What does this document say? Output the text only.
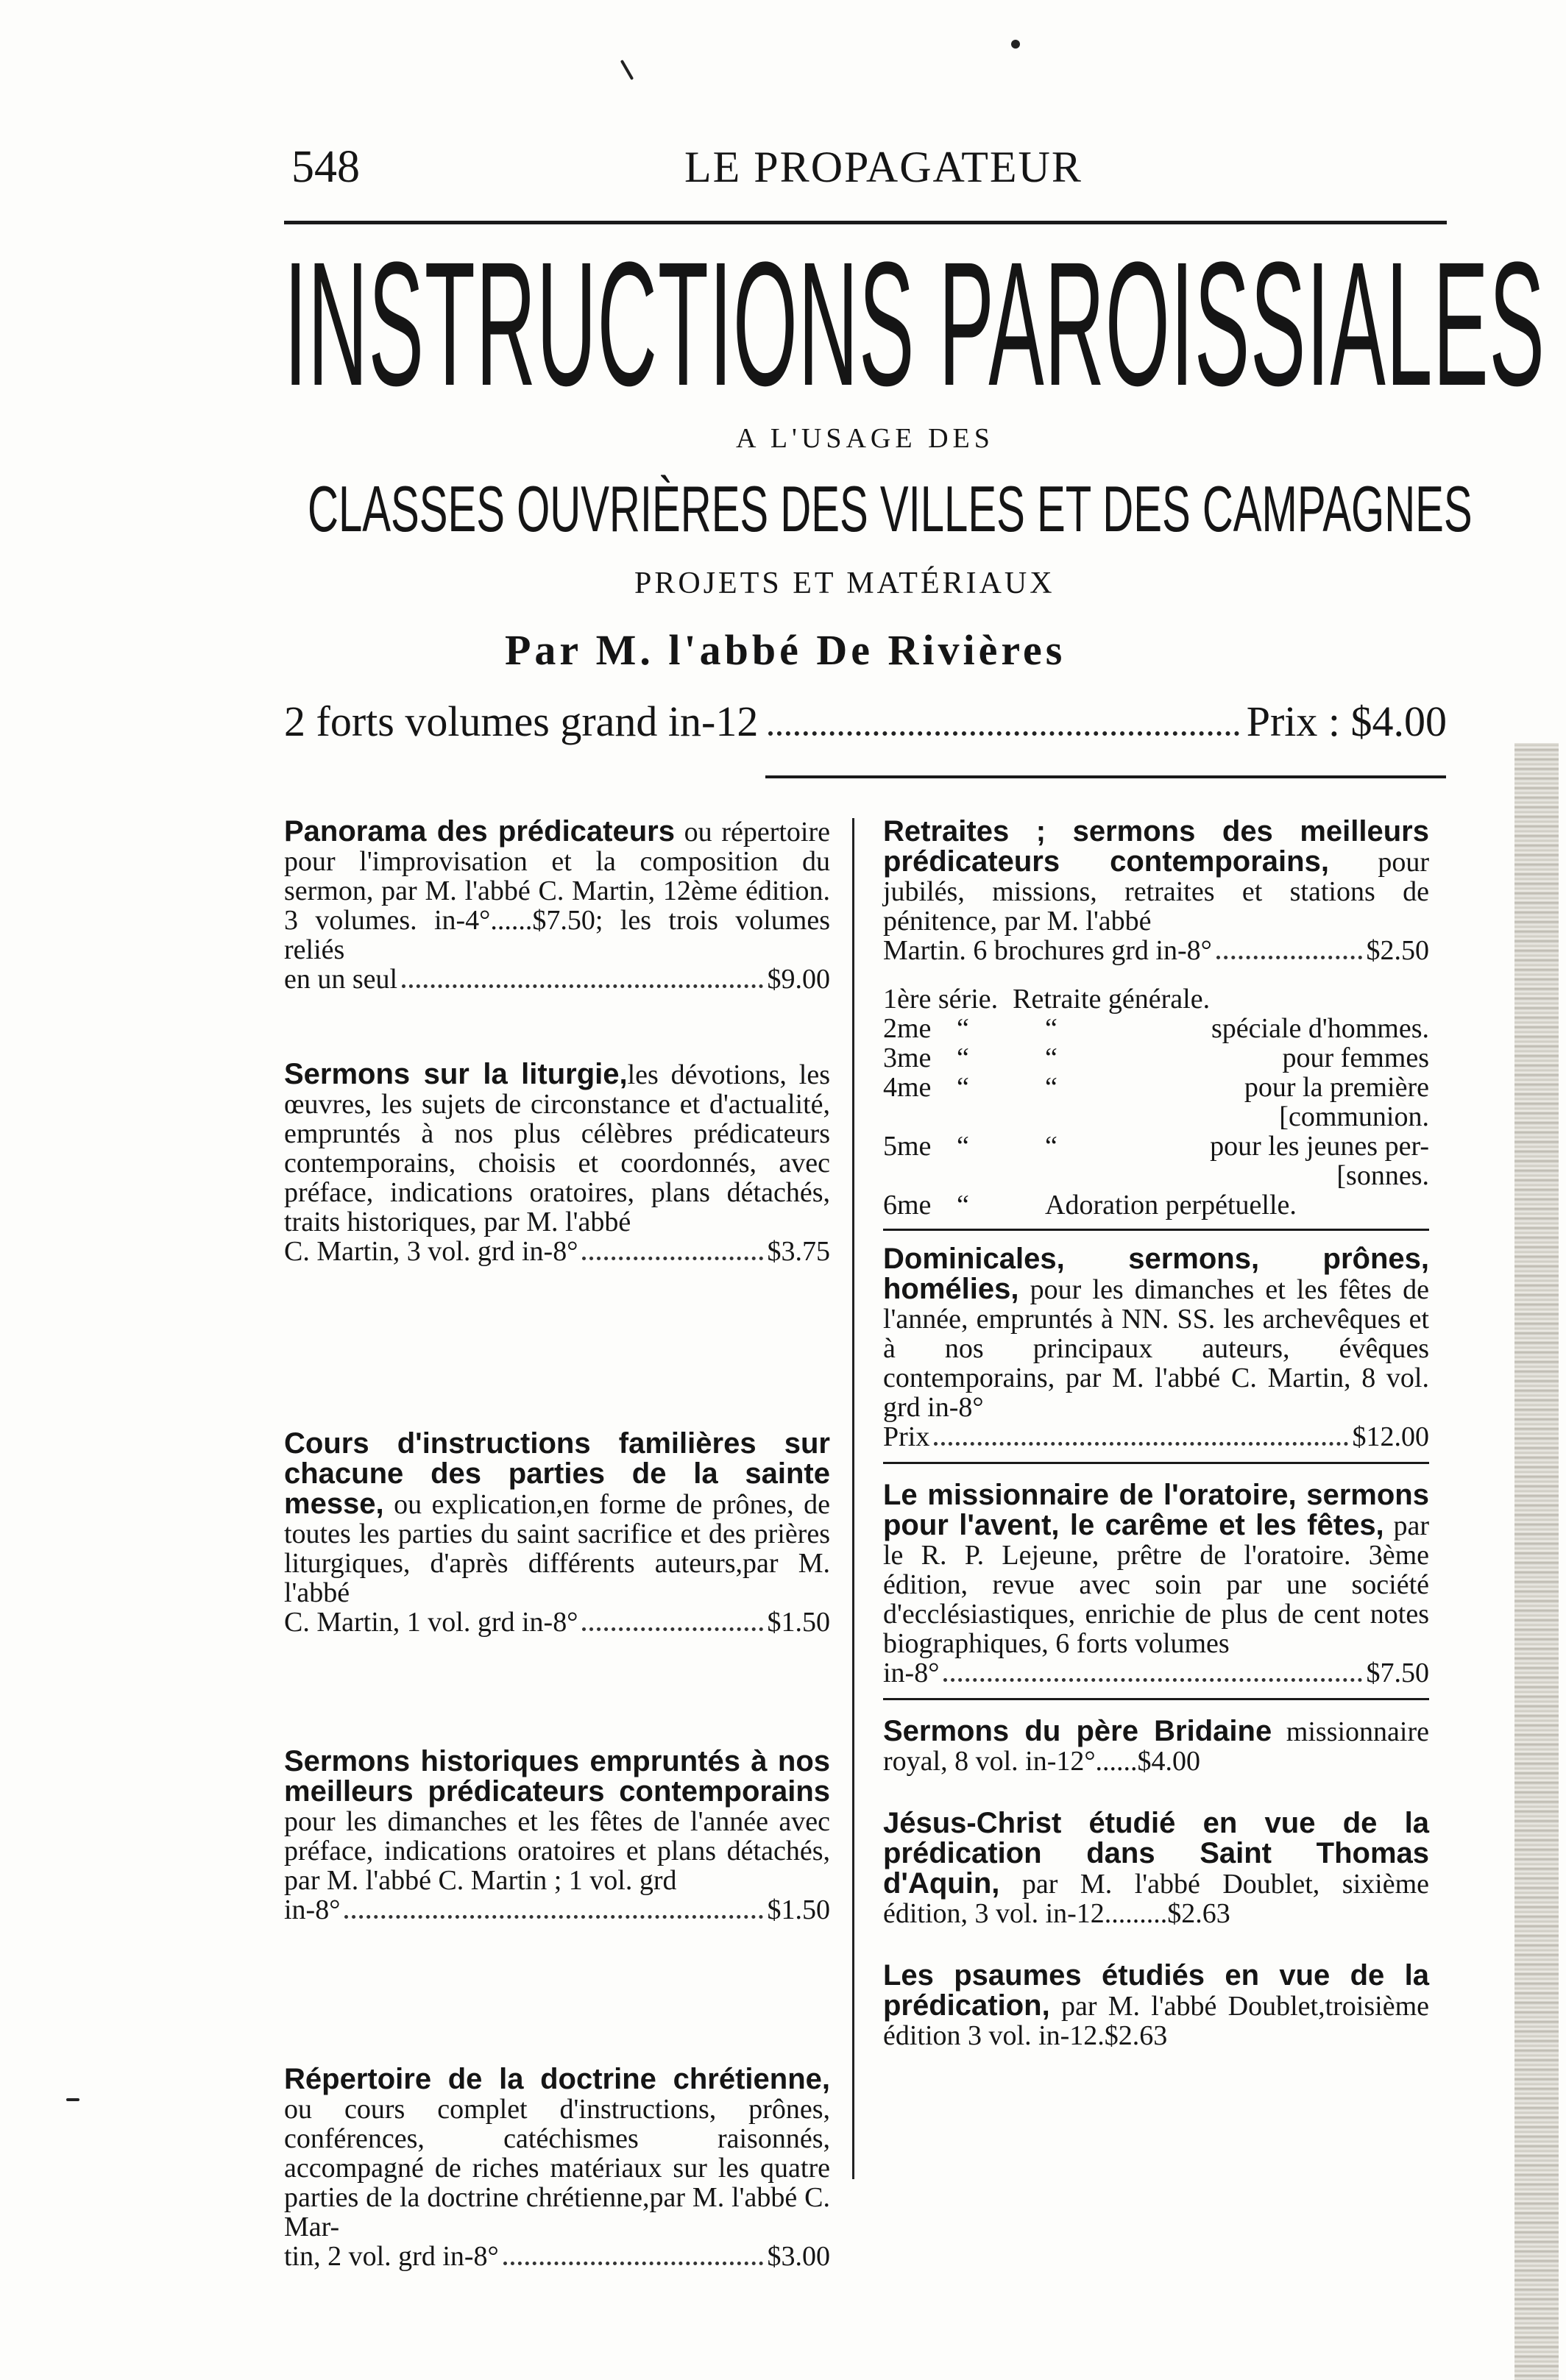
548	LE PROPAGATEUR
INSTRUCTIONS PAROISSIALES
A L'USAGE DES
CLASSES OUVRIÈRES DES VILLES ET DES CAMPAGNES
PROJETS ET MATÉRIAUX
Par M. l'abbé De Rivières
2 forts volumes grand in-12	Prix : $4.00
Panorama des prédicateurs ou répertoire pour l'improvisation et la composition du sermon, par M. l'abbé C. Martin, 12ème édition. 3 volumes. in-4°......$7.50; les trois volumes reliés
en un seul	$9.00
Sermons sur la liturgie,les dévotions, les œuvres, les sujets de circonstance et d'actualité, empruntés à nos plus célèbres prédicateurs contemporains, choisis et coordonnés, avec préface, indications oratoires, plans détachés, traits historiques, par M. l'abbé
C. Martin, 3 vol. grd in-8°	$3.75
Cours d'instructions familières sur chacune des parties de la sainte messe, ou explication,en forme de prônes, de toutes les parties du saint sacrifice et des prières liturgiques, d'après différents auteurs,par M. l'abbé
C. Martin, 1 vol. grd in-8°	$1.50
Sermons historiques empruntés à nos meilleurs prédicateurs contemporains pour les dimanches et les fêtes de l'année avec préface, indications oratoires et plans détachés, par M. l'abbé C. Martin ; 1 vol. grd
in-8°	$1.50
Répertoire de la doctrine chrétienne, ou cours complet d'instructions, prônes, conférences, catéchismes raisonnés, accompagné de riches matériaux sur les quatre parties de la doctrine chrétienne,par M. l'abbé C. Mar-
tin, 2 vol. grd in-8°	$3.00
Retraites ; sermons des meilleurs prédicateurs contemporains, pour jubilés, missions, retraites et stations de pénitence, par M. l'abbé
Martin. 6 brochures grd in-8°	$2.50
1ère série. Retraite générale.
2me “	“	spéciale d'hommes.
3me “	“	pour femmes
4me “	“	pour la première
[communion.
5me “	“	pour les jeunes per-
[sonnes.
6me “	Adoration perpétuelle.
Dominicales, sermons, prônes, homélies, pour les dimanches et les fêtes de l'année, empruntés à NN. SS. les archevêques et à nos principaux auteurs, évêques contemporains, par M. l'abbé C. Martin, 8 vol. grd in-8°
Prix	$12.00
Le missionnaire de l'oratoire, sermons pour l'avent, le carême et les fêtes, par le R. P. Lejeune, prêtre de l'oratoire. 3ème édition, revue avec soin par une société d'ecclésiastiques, enrichie de plus de cent notes biographiques, 6 forts volumes
in-8°	$7.50
Sermons du père Bridaine missionnaire royal, 8 vol. in-12°......$4.00
Jésus-Christ étudié en vue de la prédication dans Saint Thomas d'Aquin, par M. l'abbé Doublet, sixième édition, 3 vol. in-12.........$2.63
Les psaumes étudiés en vue de la prédication, par M. l'abbé Doublet,troisième édition 3 vol. in-12.$2.63
